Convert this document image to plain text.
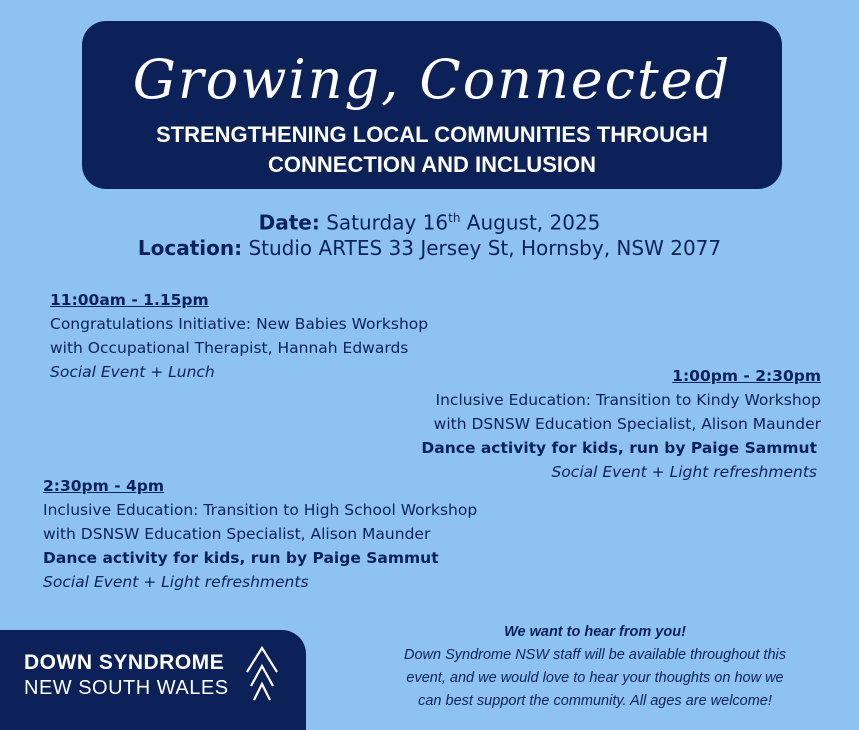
Growing, Connected
STRENGTHENING LOCAL COMMUNITIES THROUGH
CONNECTION AND INCLUSION
Date: Saturday 16th August, 2025
Location: Studio ARTES 33 Jersey St, Hornsby, NSW 2077
11:00am - 1.15pm
Congratulations Initiative: New Babies Workshop
with Occupational Therapist, Hannah Edwards
Social Event + Lunch	1:00pm - 2:30pm
Inclusive Education: Transition to Kindy Workshop
with DSNSW Education Specialist, Alison Maunder
Dance activity for kids, run by Paige Sammut
Social Event + Light refreshments
2:30pm - 4pm
Inclusive Education: Transition to High School Workshop
with DSNSW Education Specialist, Alison Maunder
Dance activity for kids, run by Paige Sammut
Social Event + Light refreshments
DOWN SYNDROME
NEW SOUTH WALES
We want to hear from you!
Down Syndrome NSW staff will be available throughout this
event, and we would love to hear your thoughts on how we
can best support the community. All ages are welcome!
